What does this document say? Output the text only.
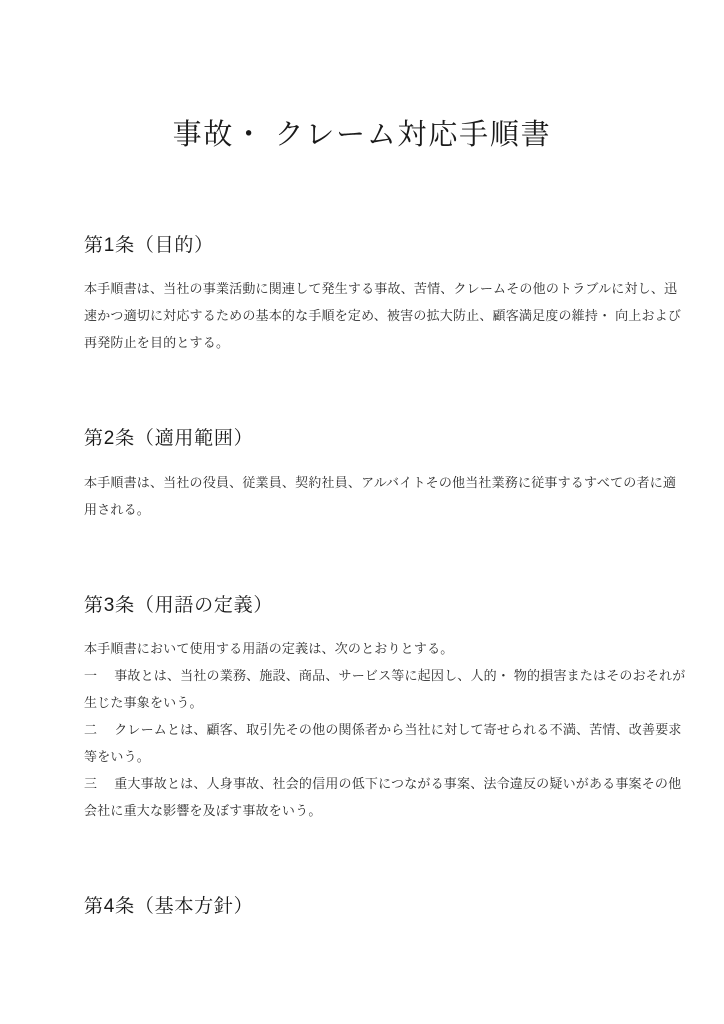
事故・ クレーム対応手順書
第1条（目的）

本手順書は、当社の事業活動に関連して発生する事故、苦情、クレームその他のトラブルに対し、迅

速かつ適切に対応するための基本的な手順を定め、被害の拡大防止、顧客満足度の維持・ 向上および

再発防止を目的とする。

第2条（適用範囲）

本手順書は、当社の役員、従業員、契約社員、アルバイトその他当社業務に従事するすべての者に適

用される。

第3条（用語の定義）

本手順書において使用する用語の定義は、次のとおりとする。

一　 事故とは、当社の業務、施設、商品、サービス等に起因し、人的・ 物的損害またはそのおそれが

生じた事象をいう。

二　 クレームとは、顧客、取引先その他の関係者から当社に対して寄せられる不満、苦情、改善要求

等をいう。

三　 重大事故とは、人身事故、社会的信用の低下につながる事案、法令違反の疑いがある事案その他

会社に重大な影響を及ぼす事故をいう。

第4条（基本方針）
